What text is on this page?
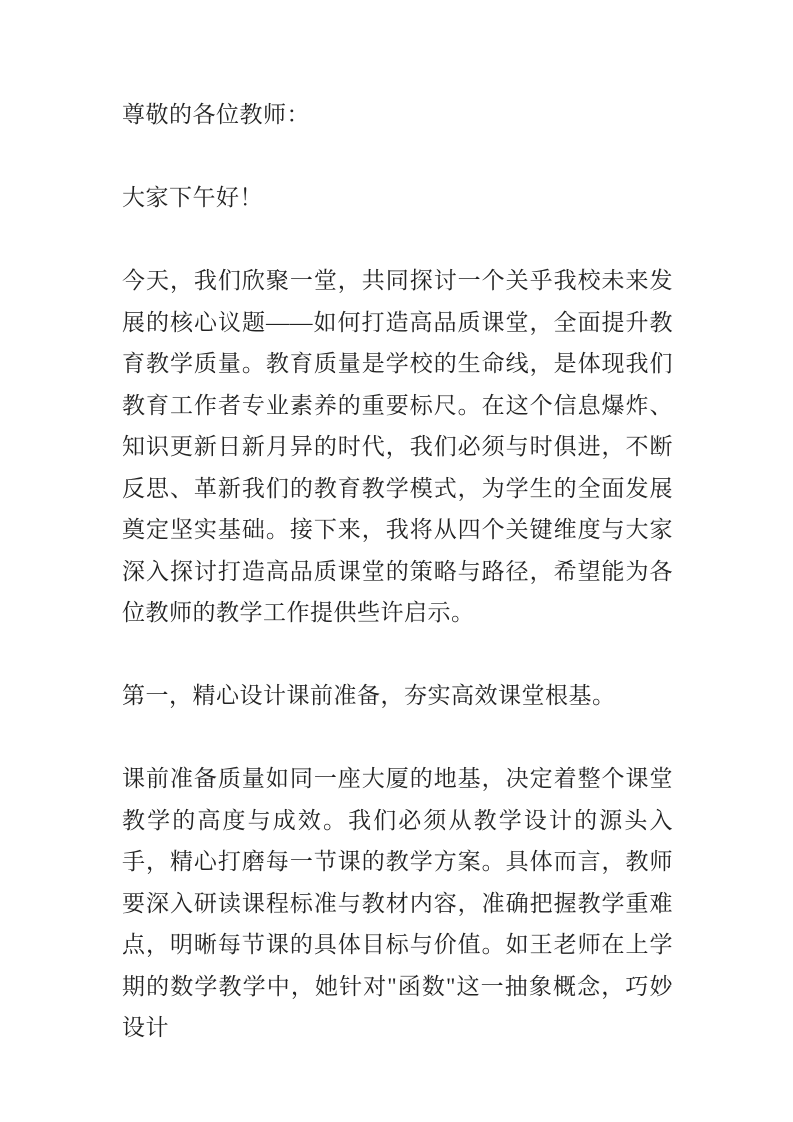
尊敬的各位教师：

大家下午好！

今天，我们欣聚一堂，共同探讨一个关乎我校未来发展的核心议题——如何打造高品质课堂，全面提升教育教学质量。教育质量是学校的生命线，是体现我们教育工作者专业素养的重要标尺。在这个信息爆炸、知识更新日新月异的时代，我们必须与时俱进，不断反思、革新我们的教育教学模式，为学生的全面发展奠定坚实基础。接下来，我将从四个关键维度与大家深入探讨打造高品质课堂的策略与路径，希望能为各位教师的教学工作提供些许启示。

第一，精心设计课前准备，夯实高效课堂根基。

课前准备质量如同一座大厦的地基，决定着整个课堂教学的高度与成效。我们必须从教学设计的源头入手，精心打磨每一节课的教学方案。具体而言，教师要深入研读课程标准与教材内容，准确把握教学重难点，明晰每节课的具体目标与价值。如王老师在上学期的数学教学中，她针对"函数"这一抽象概念，巧妙设计
